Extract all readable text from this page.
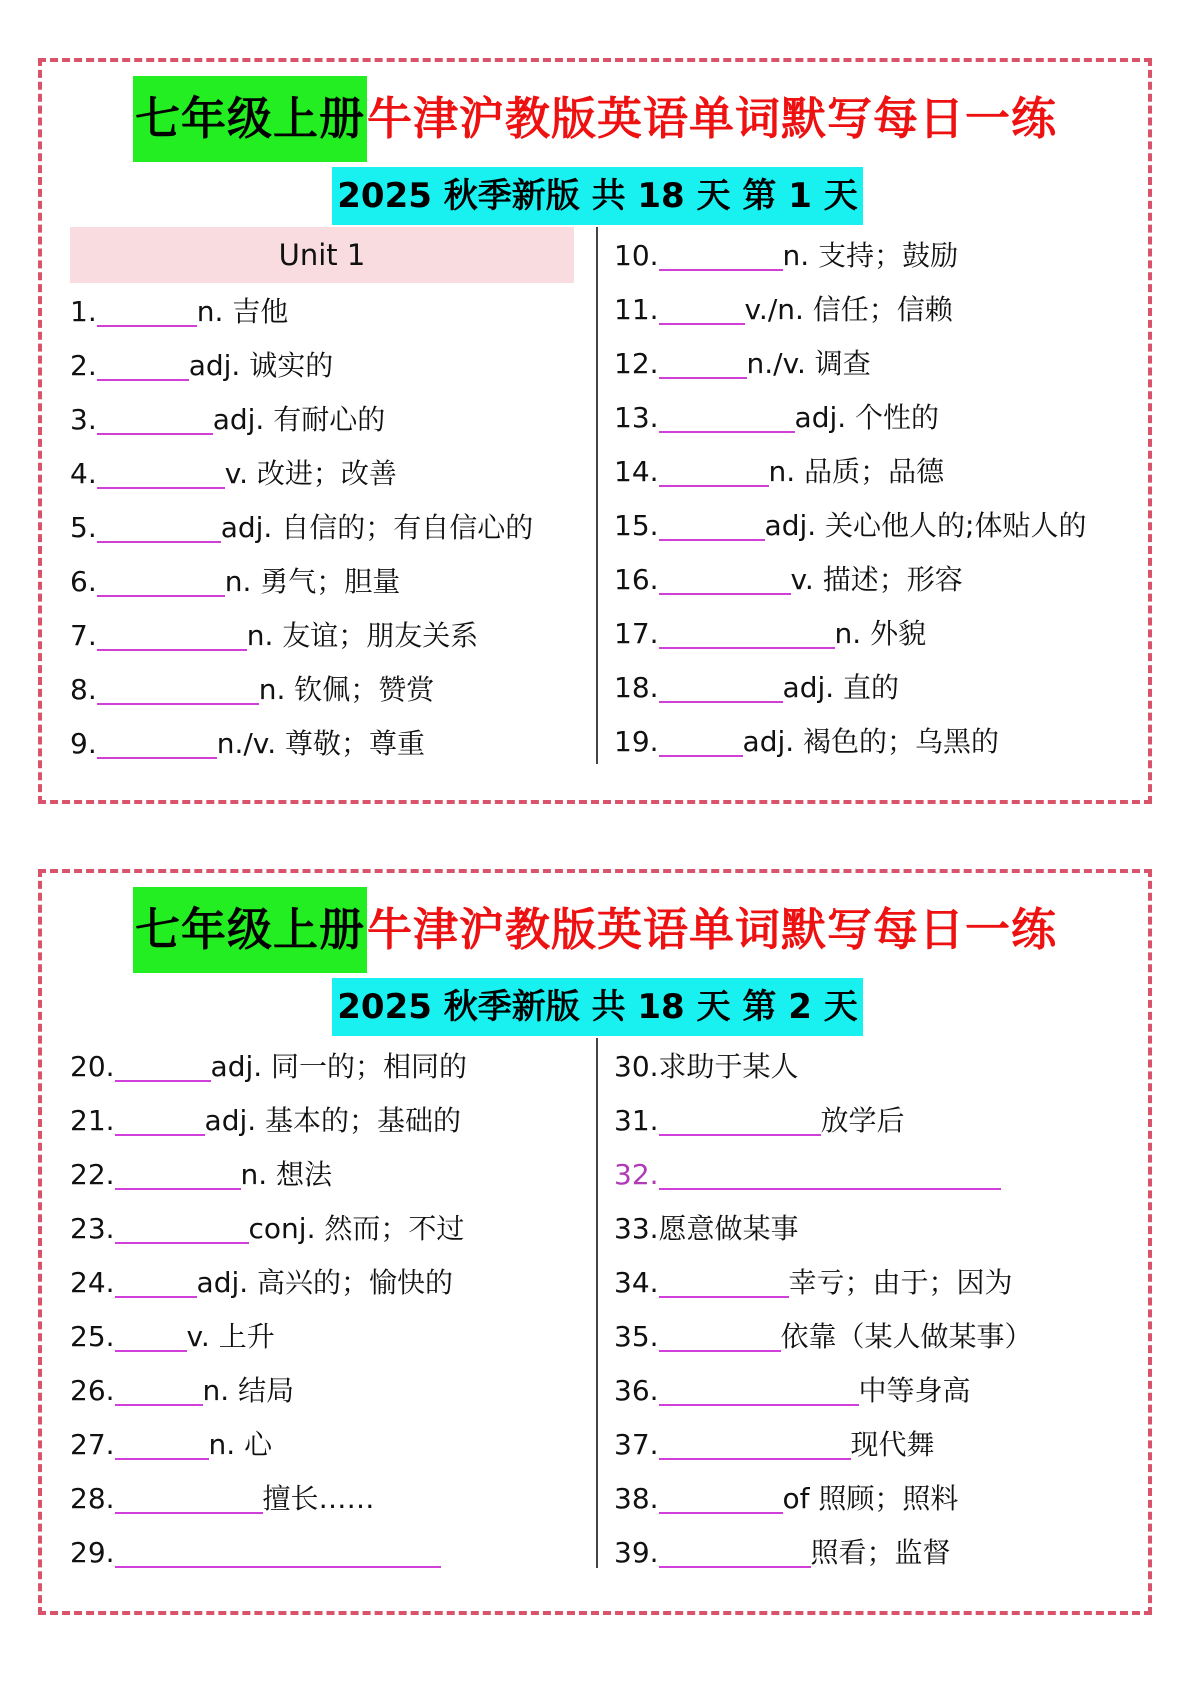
七年级上册牛津沪教版英语单词默写每日一练
2025 秋季新版 共 18 天 第 1 天
Unit 1
1.	n. 吉他
2.	adj. 诚实的
3.	adj. 有耐心的
4.	v. 改进；改善
5.	adj. 自信的；有自信心的
6.	n. 勇气；胆量
7.	n. 友谊；朋友关系
8.	n. 钦佩；赞赏
9.	n./v. 尊敬；尊重
10.	n. 支持；鼓励
11.	v./n. 信任；信赖
12.	n./v. 调查
13.	adj. 个性的
14.	n. 品质；品德
15.	adj. 关心他人的;体贴人的
16.	v. 描述；形容
17.	n. 外貌
18.	adj. 直的
19.	adj. 褐色的；乌黑的
七年级上册牛津沪教版英语单词默写每日一练
2025 秋季新版 共 18 天 第 2 天
20.	adj. 同一的；相同的
21.	adj. 基本的；基础的
22.	n. 想法
23.	conj. 然而；不过
24.	adj. 高兴的；愉快的
25.	v. 上升
26.	n. 结局
27.	n. 心
28.	擅长……
29.
30. 求助于某人
31.	放学后
32.
33. 愿意做某事
34.	幸亏；由于；因为
35.	依靠（某人做某事）
36.	中等身高
37.	现代舞
38.	of 照顾；照料
39.	照看；监督
